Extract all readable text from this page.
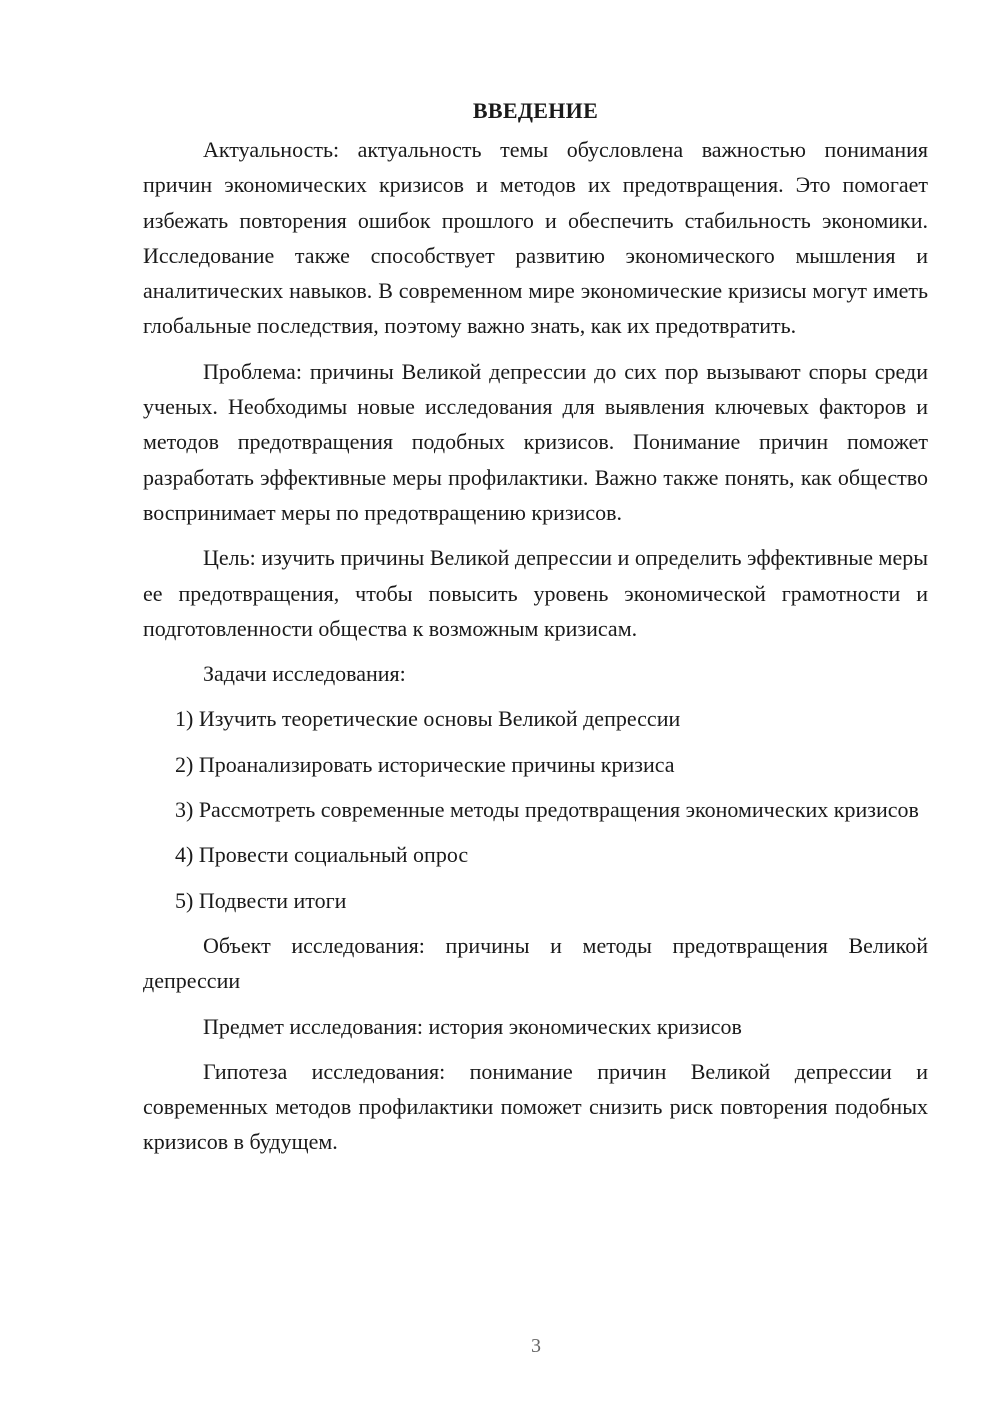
ВВЕДЕНИЕ

Актуальность: актуальность темы обусловлена важностью понимания причин экономических кризисов и методов их предотвращения. Это помогает избежать повторения ошибок прошлого и обеспечить стабильность экономики. Исследование также способствует развитию экономического мышления и аналитических навыков. В современном мире экономические кризисы могут иметь глобальные последствия, поэтому важно знать, как их предотвратить.

Проблема: причины Великой депрессии до сих пор вызывают споры среди ученых. Необходимы новые исследования для выявления ключевых факторов и методов предотвращения подобных кризисов. Понимание причин поможет разработать эффективные меры профилактики. Важно также понять, как общество воспринимает меры по предотвращению кризисов.

Цель: изучить причины Великой депрессии и определить эффективные меры ее предотвращения, чтобы повысить уровень экономической грамотности и подготовленности общества к возможным кризисам.

Задачи исследования:

1) Изучить теоретические основы Великой депрессии

2) Проанализировать исторические причины кризиса

3) Рассмотреть современные методы предотвращения экономических кризисов

4) Провести социальный опрос

5) Подвести итоги

Объект исследования: причины и методы предотвращения Великой депрессии

Предмет исследования: история экономических кризисов

Гипотеза исследования: понимание причин Великой депрессии и современных методов профилактики поможет снизить риск повторения подобных кризисов в будущем.

3
